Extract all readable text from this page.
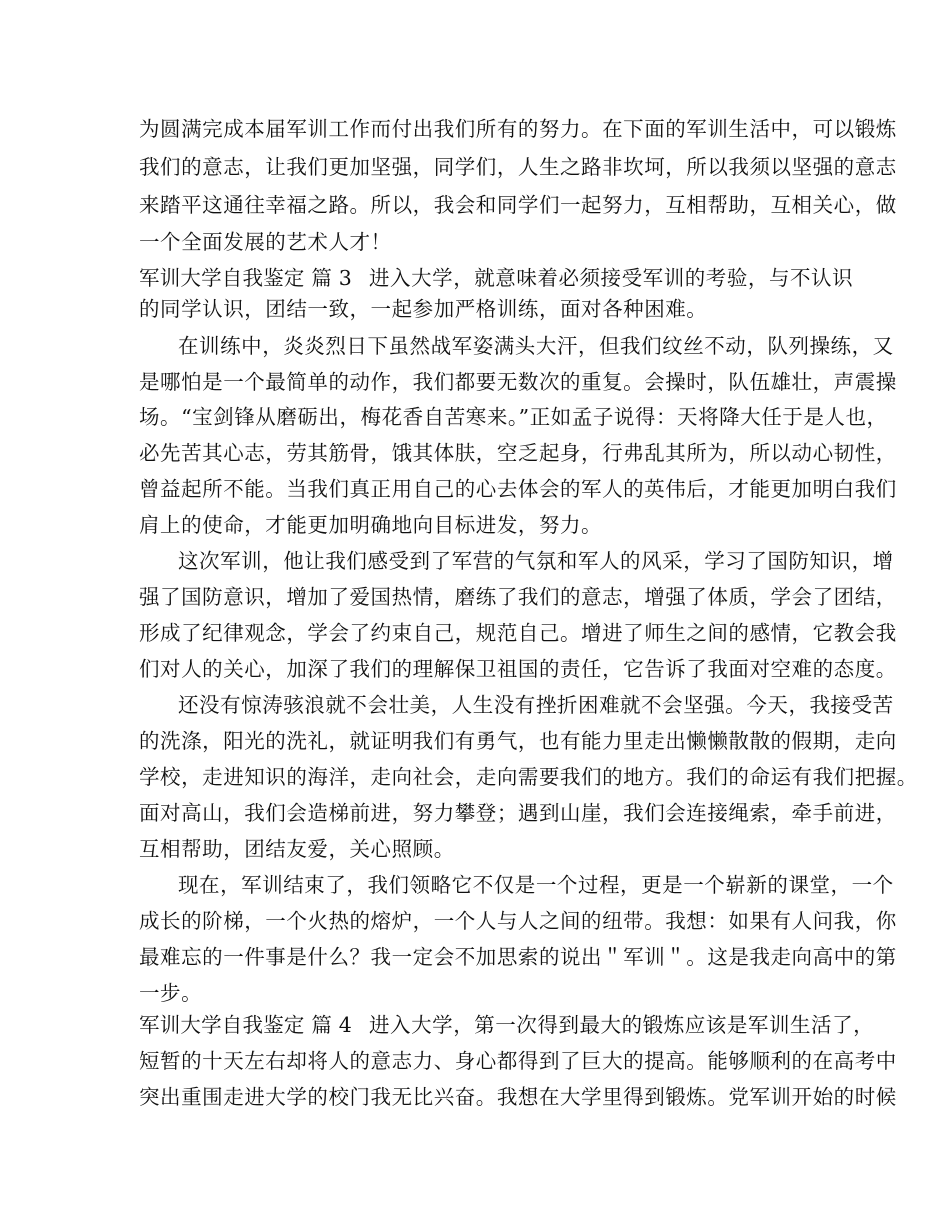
为圆满完成本届军训工作而付出我们所有的努力。在下面的军训生活中，可以锻炼
我们的意志，让我们更加坚强，同学们，人生之路非坎坷，所以我须以坚强的意志
来踏平这通往幸福之路。所以，我会和同学们一起努力，互相帮助，互相关心，做
一个全面发展的艺术人才！
军训大学自我鉴定 篇 3 进入大学，就意味着必须接受军训的考验，与不认识
的同学认识，团结一致，一起参加严格训练，面对各种困难。
在训练中，炎炎烈日下虽然战军姿满头大汗，但我们纹丝不动，队列操练，又
是哪怕是一个最简单的动作，我们都要无数次的重复。会操时，队伍雄壮，声震操
场。“宝剑锋从磨砺出，梅花香自苦寒来。”正如孟子说得：天将降大任于是人也，
必先苦其心志，劳其筋骨，饿其体肤，空乏起身，行弗乱其所为，所以动心韧性，
曾益起所不能。当我们真正用自己的心去体会的军人的英伟后，才能更加明白我们
肩上的使命，才能更加明确地向目标进发，努力。
这次军训，他让我们感受到了军营的气氛和军人的风采，学习了国防知识，增
强了国防意识，增加了爱国热情，磨练了我们的意志，增强了体质，学会了团结，
形成了纪律观念，学会了约束自己，规范自己。增进了师生之间的感情，它教会我
们对人的关心，加深了我们的理解保卫祖国的责任，它告诉了我面对空难的态度。
还没有惊涛骇浪就不会壮美，人生没有挫折困难就不会坚强。今天，我接受苦
的洗涤，阳光的洗礼，就证明我们有勇气，也有能力里走出懒懒散散的假期，走向
学校，走进知识的海洋，走向社会，走向需要我们的地方。我们的命运有我们把握。
面对高山，我们会造梯前进，努力攀登；遇到山崖，我们会连接绳索，牵手前进，
互相帮助，团结友爱，关心照顾。
现在，军训结束了，我们领略它不仅是一个过程，更是一个崭新的课堂，一个
成长的阶梯，一个火热的熔炉，一个人与人之间的纽带。我想：如果有人问我，你
最难忘的一件事是什么？我一定会不加思索的说出＂军训＂。这是我走向高中的第
一步。
军训大学自我鉴定 篇 4 进入大学，第一次得到最大的锻炼应该是军训生活了，
短暂的十天左右却将人的意志力、身心都得到了巨大的提高。能够顺利的在高考中
突出重围走进大学的校门我无比兴奋。我想在大学里得到锻炼。党军训开始的时候
